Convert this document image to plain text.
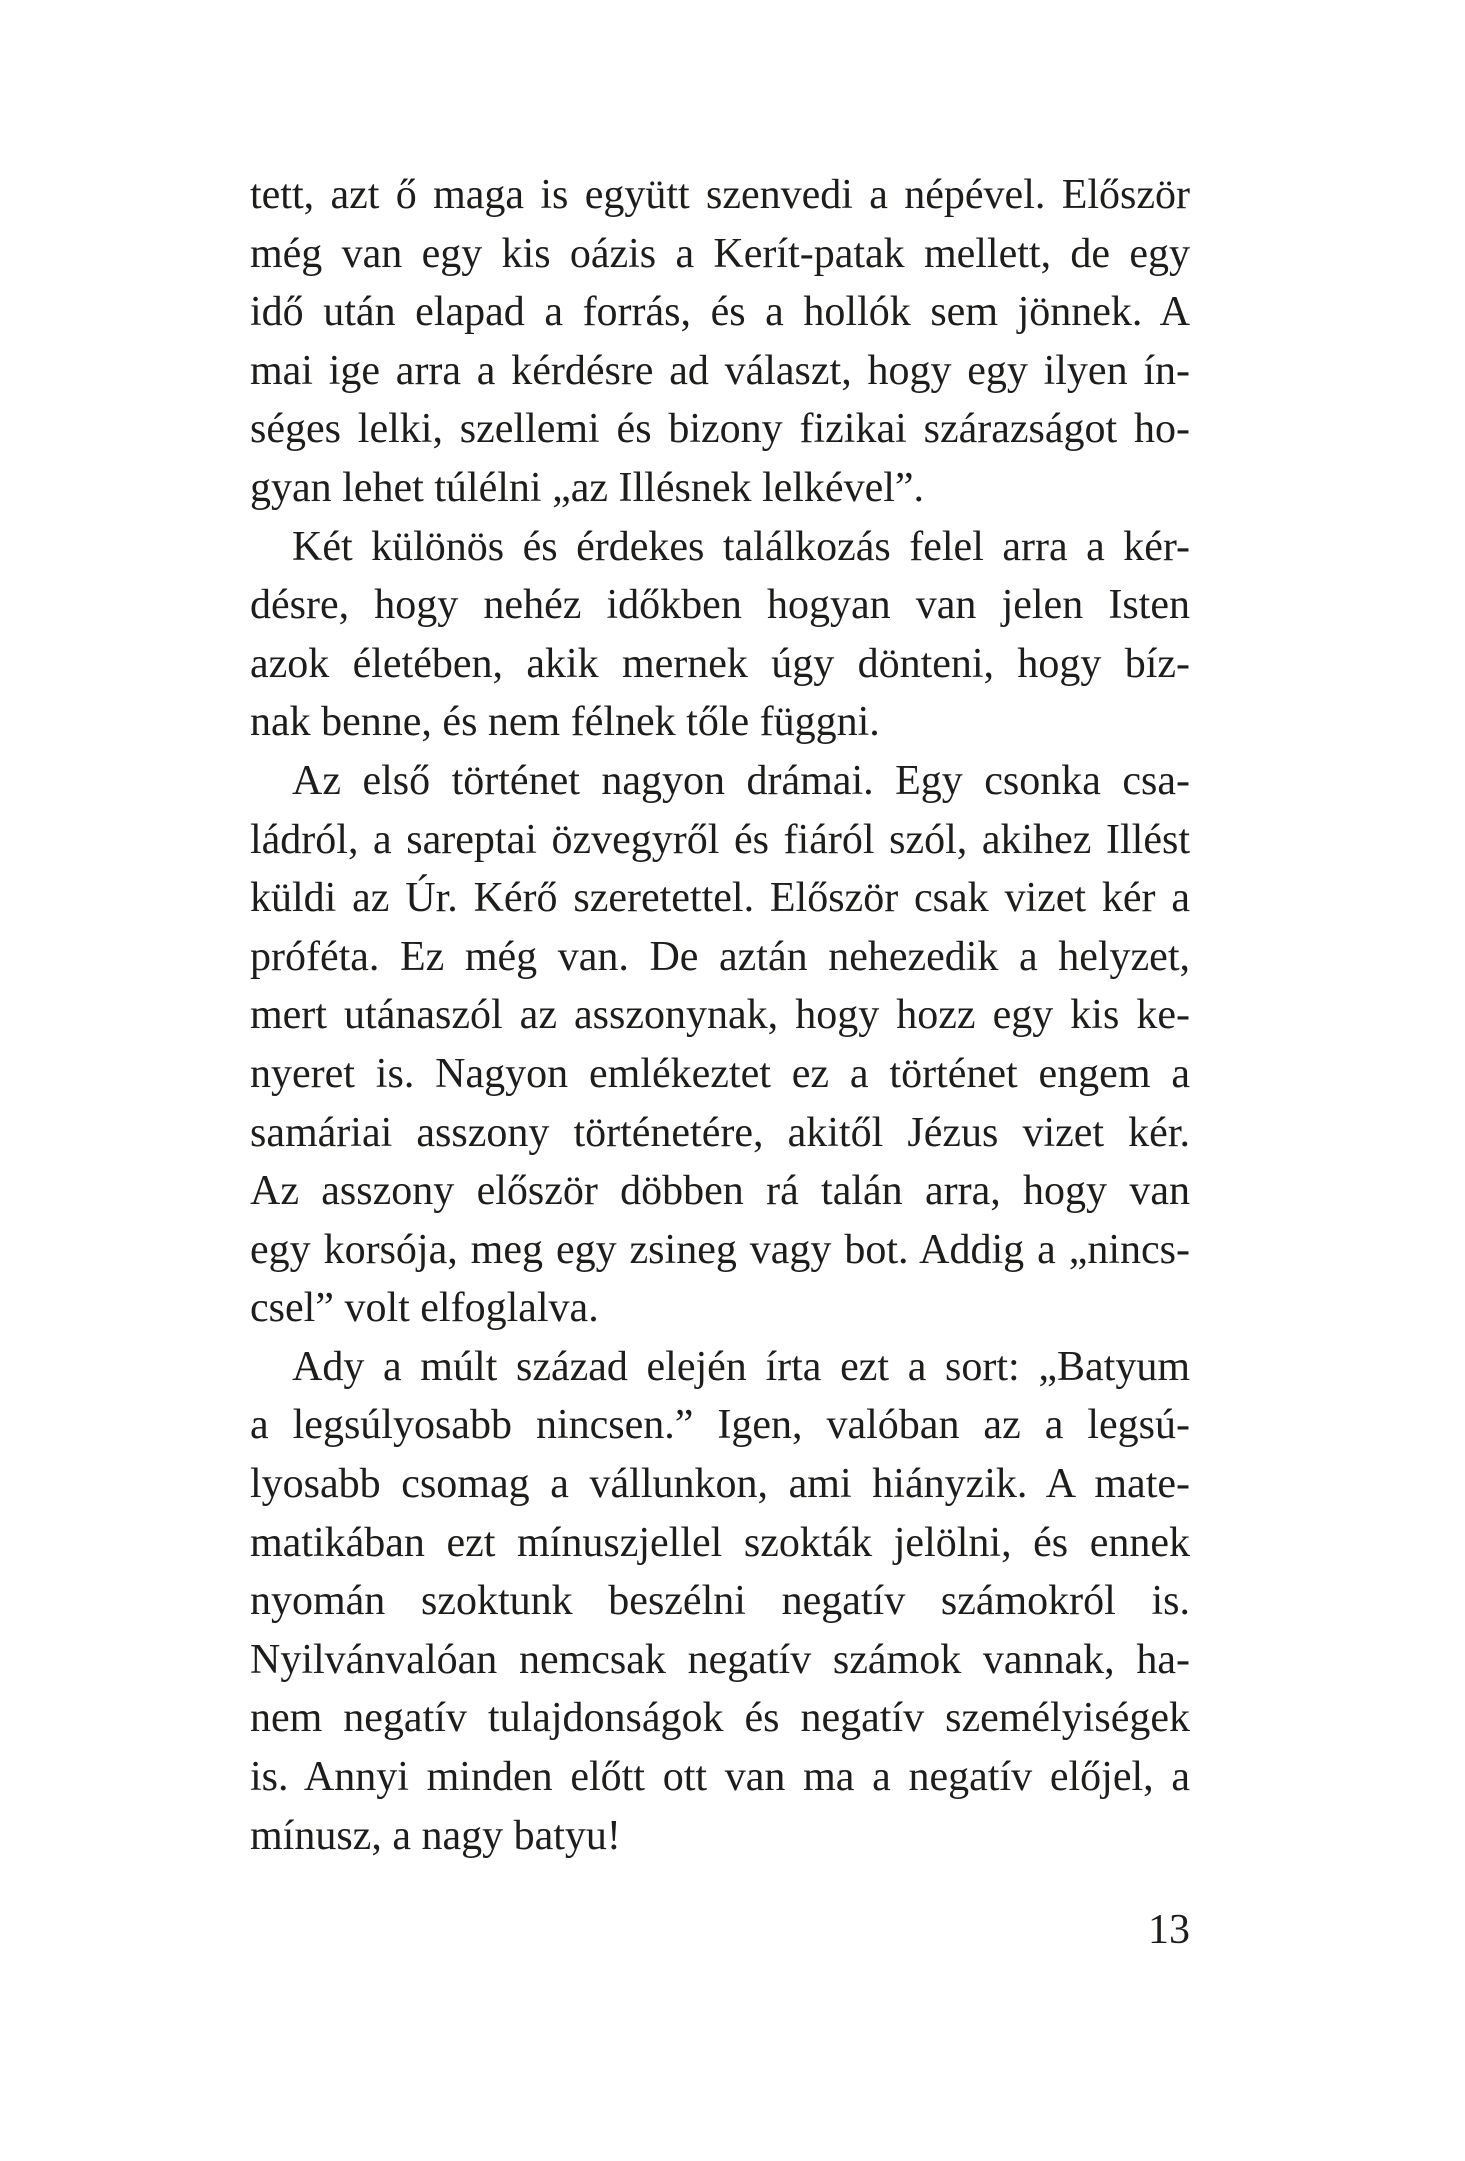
tett, azt ő maga is együtt szenvedi a népével. Először
még van egy kis oázis a Kerít-patak mellett, de egy
idő után elapad a forrás, és a hollók sem jönnek. A
mai ige arra a kérdésre ad választ, hogy egy ilyen ín-
séges lelki, szellemi és bizony fizikai szárazságot ho-
gyan lehet túlélni „az Illésnek lelkével”.
Két különös és érdekes találkozás felel arra a kér-
désre, hogy nehéz időkben hogyan van jelen Isten
azok életében, akik mernek úgy dönteni, hogy bíz-
nak benne, és nem félnek tőle függni.
Az első történet nagyon drámai. Egy csonka csa-
ládról, a sareptai özvegyről és fiáról szól, akihez Illést
küldi az Úr. Kérő szeretettel. Először csak vizet kér a
próféta. Ez még van. De aztán nehezedik a helyzet,
mert utánaszól az asszonynak, hogy hozz egy kis ke-
nyeret is. Nagyon emlékeztet ez a történet engem a
samáriai asszony történetére, akitől Jézus vizet kér.
Az asszony először döbben rá talán arra, hogy van
egy korsója, meg egy zsineg vagy bot. Addig a „nincs-
csel” volt elfoglalva.
Ady a múlt század elején írta ezt a sort: „Batyum
a legsúlyosabb nincsen.” Igen, valóban az a legsú-
lyosabb csomag a vállunkon, ami hiányzik. A mate-
matikában ezt mínuszjellel szokták jelölni, és ennek
nyomán szoktunk beszélni negatív számokról is.
Nyilvánvalóan nemcsak negatív számok vannak, ha-
nem negatív tulajdonságok és negatív személyiségek
is. Annyi minden előtt ott van ma a negatív előjel, a
mínusz, a nagy batyu!
13
